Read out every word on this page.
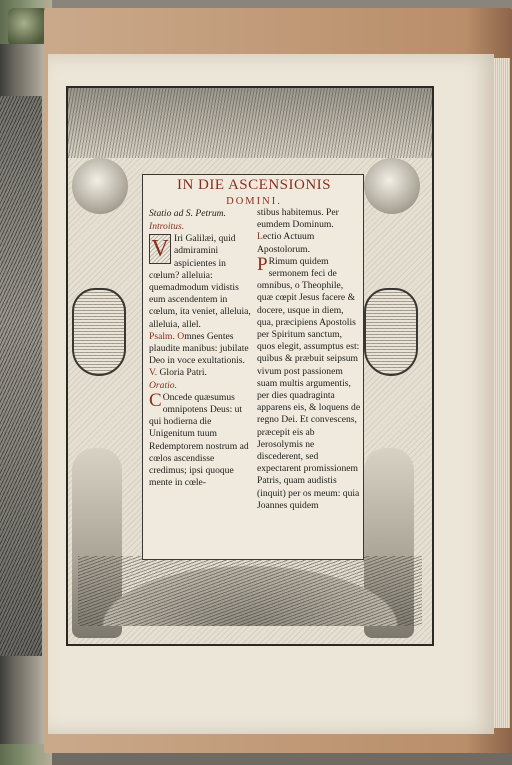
IN DIE ASCENSIONIS
DOMINI.
Statio ad S. Petrum.
Introitus.

V Iri Galilæi, quid admiramini aspicientes in cœlum? alleluia: quemadmodum vidistis eum ascendentem in cœlum, ita veniet, alleluia, alleluia, allel.

Psalm. Omnes Gentes plaudite manibus: jubilate Deo in voce exultationis. V. Gloria Patri.

Oratio.

C Oncede quæsumus omnipotens Deus: ut qui hodierna die Unigenitum tuum Redemptorem nostrum ad cœlos ascendisse credimus; ipsi quoque mente in cœle-

stibus habitemus. Per eumdem Dominum.

Lectio Actuum Apostolorum.

P Rimum quidem sermonem feci de omnibus, o Theophile, quæ cœpit Jesus facere & docere, usque in diem, qua, præcipiens Apostolis per Spiritum sanctum, quos elegit, assumptus est: quibus & præbuit seipsum vivum post passionem suam multis argumentis, per dies quadraginta apparens eis, & loquens de regno Dei. Et convescens, præcepit eis ab Jerosolymis ne discederent, sed expectarent promissionem Patris, quam audistis (inquit) per os meum: quia Joannes quidem
